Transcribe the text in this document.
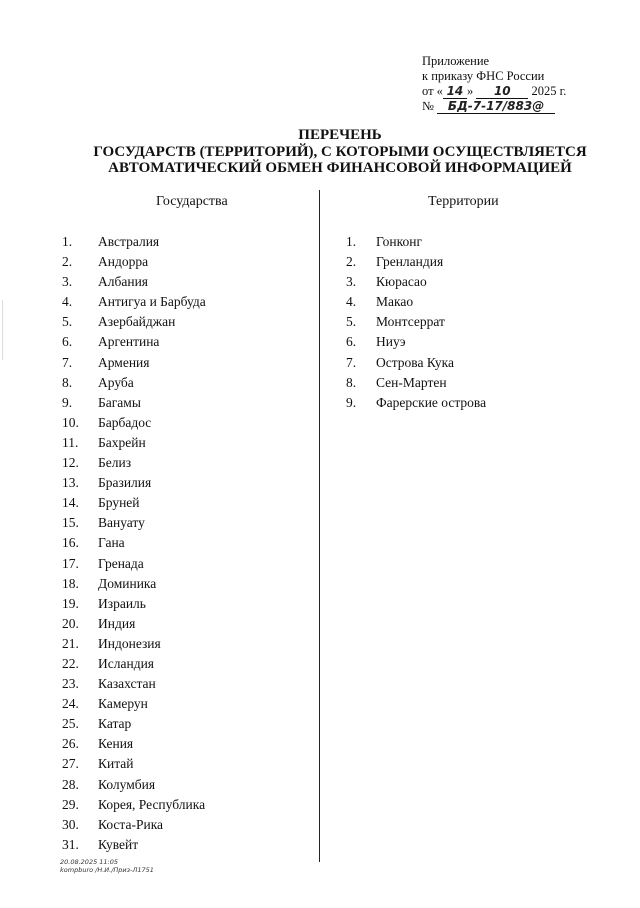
Приложение
к приказу ФНС России
от « 14 » 10 2025 г.
№ БД-7-17/883@
ПЕРЕЧЕНЬ
ГОСУДАРСТВ (ТЕРРИТОРИЙ), С КОТОРЫМИ ОСУЩЕСТВЛЯЕТСЯ
АВТОМАТИЧЕСКИЙ ОБМЕН ФИНАНСОВОЙ ИНФОРМАЦИЕЙ
Государства	Территории
1. Австралия
2. Андорра
3. Албания
4. Антигуа и Барбуда
5. Азербайджан
6. Аргентина
7. Армения
8. Аруба
9. Багамы
10. Барбадос
11. Бахрейн
12. Белиз
13. Бразилия
14. Бруней
15. Вануату
16. Гана
17. Гренада
18. Доминика
19. Израиль
20. Индия
21. Индонезия
22. Исландия
23. Казахстан
24. Камерун
25. Катар
26. Кения
27. Китай
28. Колумбия
29. Корея, Республика
30. Коста-Рика
31. Кувейт
1. Гонконг
2. Гренландия
3. Кюрасао
4. Макао
5. Монтсеррат
6. Ниуэ
7. Острова Кука
8. Сен-Мартен
9. Фарерские острова
20.08.2025 11:05
kompburo /Н.И./Приз-Л1751
